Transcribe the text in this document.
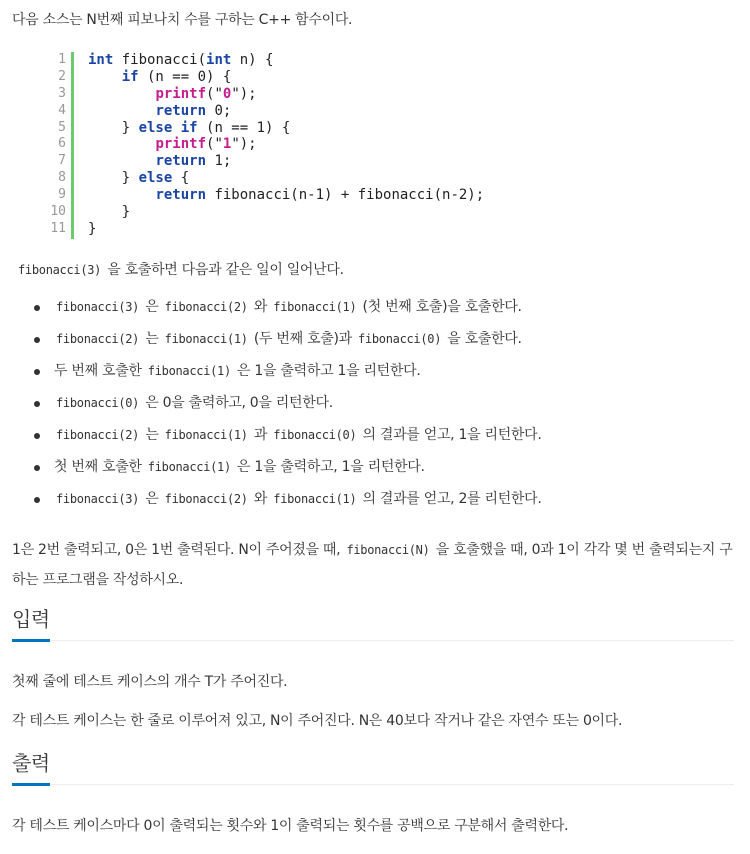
다음 소스는 N번째 피보나치 수를 구하는 C++ 함수이다.

1
2
3
4
5
6
7
8
9
10
11
int fibonacci(int n) {
if (n == 0) {
printf("0");
return 0;
} else if (n == 1) {
printf("1");
return 1;
} else {
return fibonacci(n-1) + fibonacci(n-2);
}
}

fibonacci(3) 을 호출하면 다음과 같은 일이 일어난다.

fibonacci(3) 은 fibonacci(2) 와 fibonacci(1) (첫 번째 호출)을 호출한다.
fibonacci(2) 는 fibonacci(1) (두 번째 호출)과 fibonacci(0) 을 호출한다.
두 번째 호출한 fibonacci(1) 은 1을 출력하고 1을 리턴한다.
fibonacci(0) 은 0을 출력하고, 0을 리턴한다.
fibonacci(2) 는 fibonacci(1) 과 fibonacci(0) 의 결과를 얻고, 1을 리턴한다.
첫 번째 호출한 fibonacci(1) 은 1을 출력하고, 1을 리턴한다.
fibonacci(3) 은 fibonacci(2) 와 fibonacci(1) 의 결과를 얻고, 2를 리턴한다.

1은 2번 출력되고, 0은 1번 출력된다. N이 주어졌을 때, fibonacci(N) 을 호출했을 때, 0과 1이 각각 몇 번 출력되는지 구하는 프로그램을 작성하시오.

입력

첫째 줄에 테스트 케이스의 개수 T가 주어진다.

각 테스트 케이스는 한 줄로 이루어져 있고, N이 주어진다. N은 40보다 작거나 같은 자연수 또는 0이다.

출력

각 테스트 케이스마다 0이 출력되는 횟수와 1이 출력되는 횟수를 공백으로 구분해서 출력한다.
